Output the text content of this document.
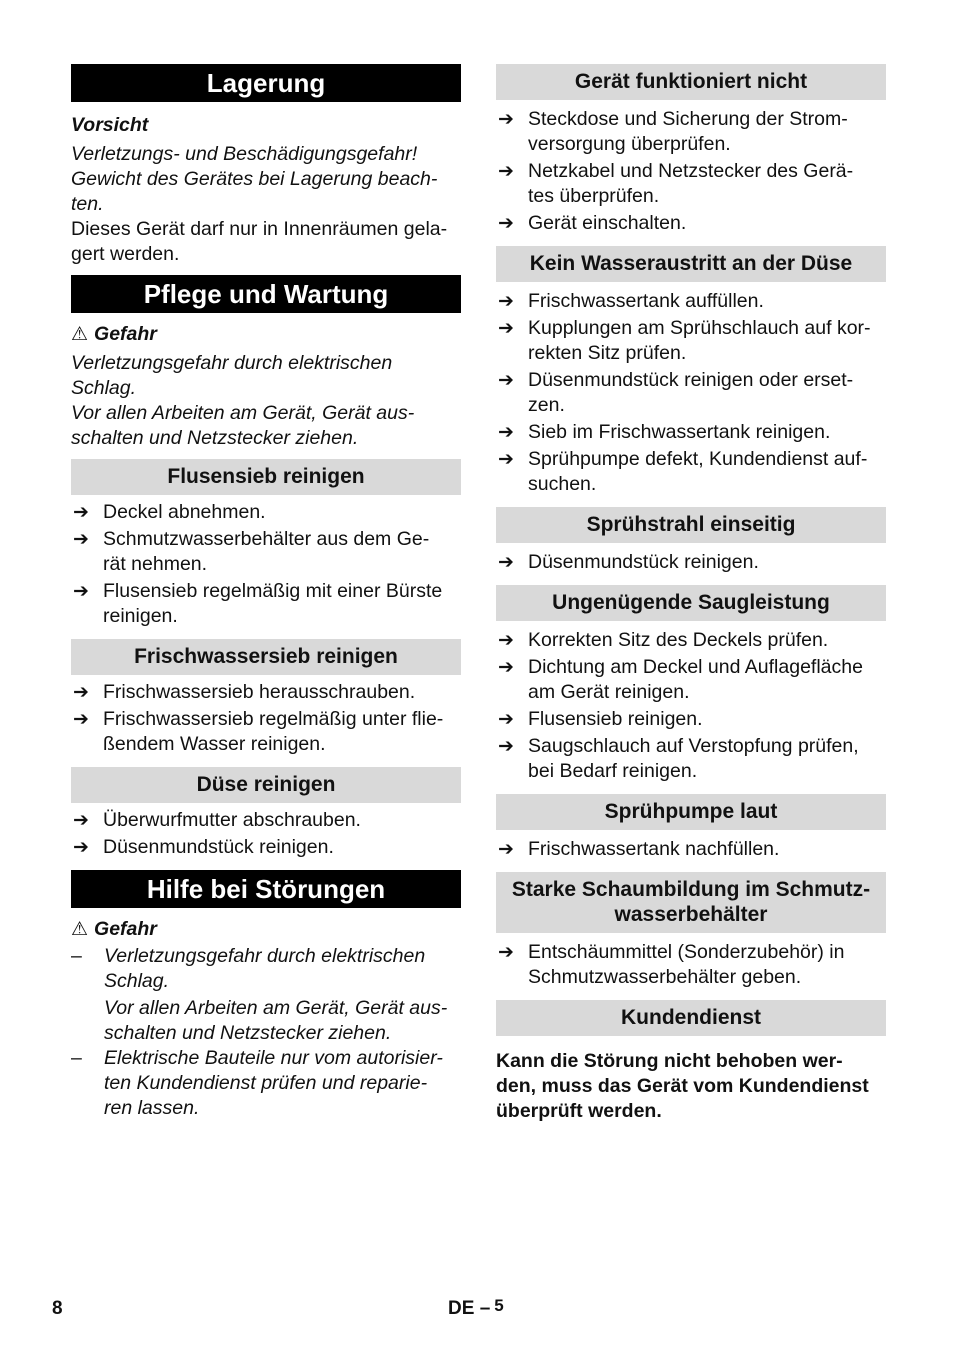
Lagerung
Vorsicht
Verletzungs- und Beschädigungsgefahr!
Gewicht des Gerätes bei Lagerung beach-
ten.
Dieses Gerät darf nur in Innenräumen gela-
gert werden.
Pflege und Wartung
⚠ Gefahr
Verletzungsgefahr durch elektrischen
Schlag.
Vor allen Arbeiten am Gerät, Gerät aus-
schalten und Netzstecker ziehen.
Flusensieb reinigen
➔ Deckel abnehmen.
➔ Schmutzwasserbehälter aus dem Ge-
rät nehmen.
➔ Flusensieb regelmäßig mit einer Bürste
reinigen.
Frischwassersieb reinigen
➔ Frischwassersieb herausschrauben.
➔ Frischwassersieb regelmäßig unter flie-
ßendem Wasser reinigen.
Düse reinigen
➔ Überwurfmutter abschrauben.
➔ Düsenmundstück reinigen.
Hilfe bei Störungen
⚠ Gefahr
– Verletzungsgefahr durch elektrischen
Schlag.
Vor allen Arbeiten am Gerät, Gerät aus-
schalten und Netzstecker ziehen.
– Elektrische Bauteile nur vom autorisier-
ten Kundendienst prüfen und reparie-
ren lassen.
Gerät funktioniert nicht
➔ Steckdose und Sicherung der Strom-
versorgung überprüfen.
➔ Netzkabel und Netzstecker des Gerä-
tes überprüfen.
➔ Gerät einschalten.
Kein Wasseraustritt an der Düse
➔ Frischwassertank auffüllen.
➔ Kupplungen am Sprühschlauch auf kor-
rekten Sitz prüfen.
➔ Düsenmundstück reinigen oder erset-
zen.
➔ Sieb im Frischwassertank reinigen.
➔ Sprühpumpe defekt, Kundendienst auf-
suchen.
Sprühstrahl einseitig
➔ Düsenmundstück reinigen.
Ungenügende Saugleistung
➔ Korrekten Sitz des Deckels prüfen.
➔ Dichtung am Deckel und Auflagefläche
am Gerät reinigen.
➔ Flusensieb reinigen.
➔ Saugschlauch auf Verstopfung prüfen,
bei Bedarf reinigen.
Sprühpumpe laut
➔ Frischwassertank nachfüllen.
Starke Schaumbildung im Schmutz-
wasserbehälter
➔ Entschäummittel (Sonderzubehör) in
Schmutzwasserbehälter geben.
Kundendienst
Kann die Störung nicht behoben wer-
den, muss das Gerät vom Kundendienst
überprüft werden.
8	DE – 5
